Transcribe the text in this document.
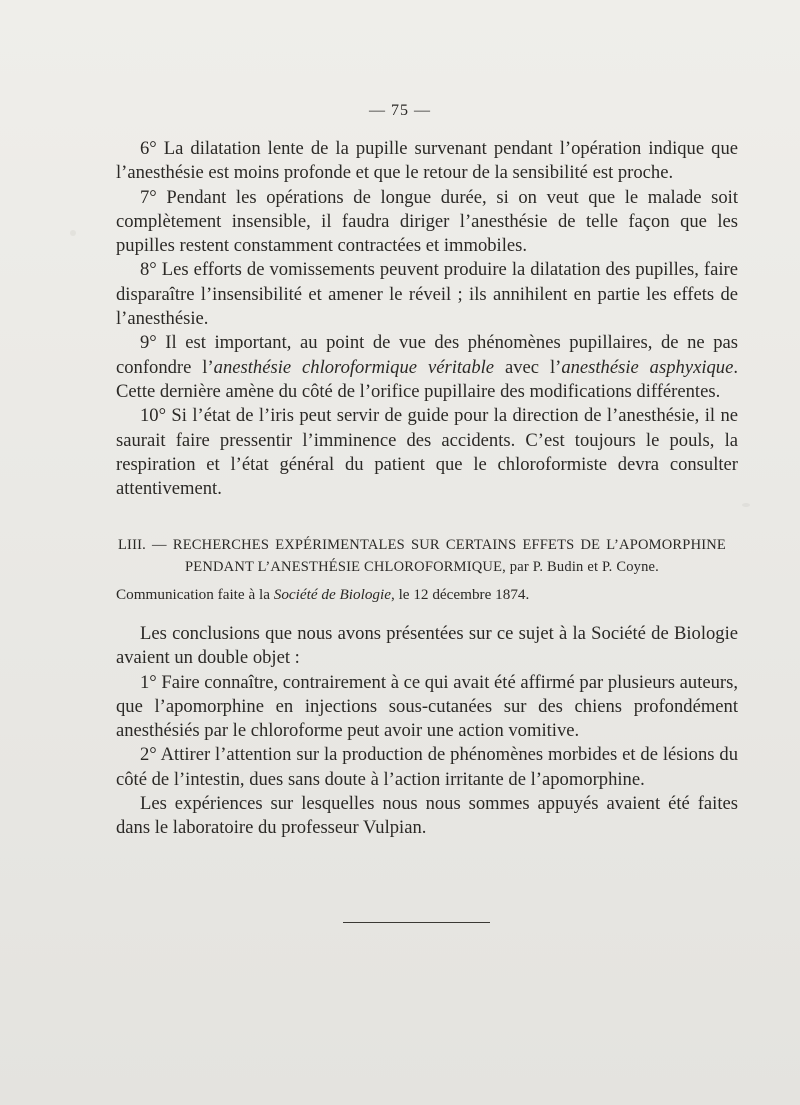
— 75 —

6° La dilatation lente de la pupille survenant pendant l’opération indique que l’anesthésie est moins profonde et que le retour de la sensibilité est proche.

7° Pendant les opérations de longue durée, si on veut que le malade soit complètement insensible, il faudra diriger l’anesthésie de telle façon que les pupilles restent constamment contractées et immobiles.

8° Les efforts de vomissements peuvent produire la dilatation des pupilles, faire disparaître l’insensibilité et amener le réveil ; ils annihilent en partie les effets de l’anesthésie.

9° Il est important, au point de vue des phénomènes pupillaires, de ne pas confondre l’anesthésie chloroformique véritable avec l’anesthésie asphyxique. Cette dernière amène du côté de l’orifice pupillaire des modifications différentes.

10° Si l’état de l’iris peut servir de guide pour la direction de l’anesthésie, il ne saurait faire pressentir l’imminence des accidents. C’est toujours le pouls, la respiration et l’état général du patient que le chloroformiste devra consulter attentivement.

LIII. — RECHERCHES EXPÉRIMENTALES SUR CERTAINS EFFETS DE L’APOMORPHINE
PENDANT L’ANESTHÉSIE CHLOROFORMIQUE, par P. Budin et P. Coyne.
Communication faite à la Société de Biologie, le 12 décembre 1874.

Les conclusions que nous avons présentées sur ce sujet à la Société de Biologie avaient un double objet :

1° Faire connaître, contrairement à ce qui avait été affirmé par plusieurs auteurs, que l’apomorphine en injections sous-cutanées sur des chiens profondément anesthésiés par le chloroforme peut avoir une action vomitive.

2° Attirer l’attention sur la production de phénomènes morbides et de lésions du côté de l’intestin, dues sans doute à l’action irritante de l’apomorphine.

Les expériences sur lesquelles nous nous sommes appuyés avaient été faites dans le laboratoire du professeur Vulpian.
